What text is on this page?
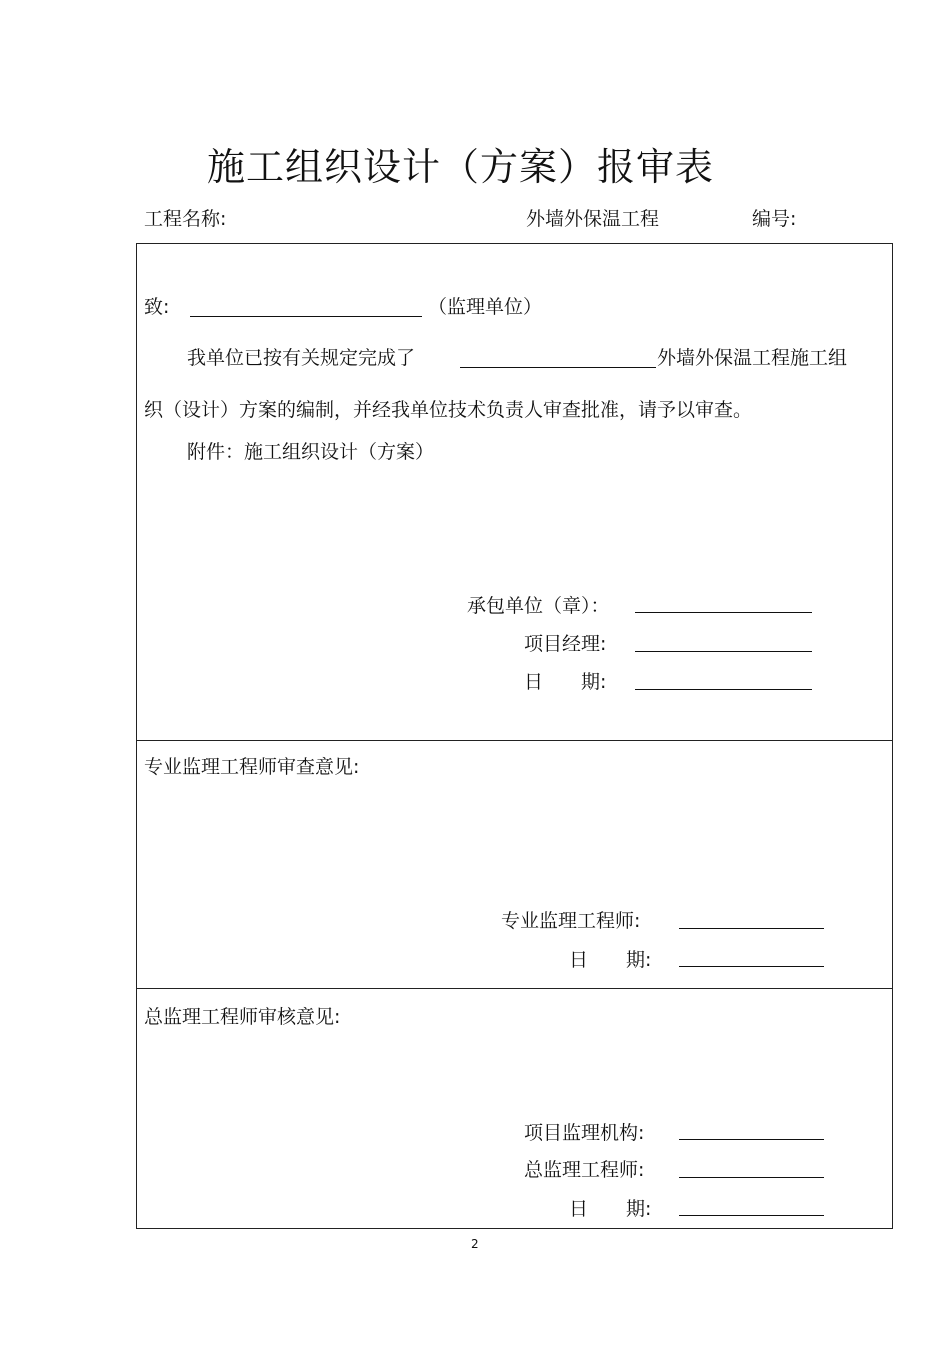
施工组织设计（方案）报审表
工程名称:	外墙外保温工程	编号:
致:	（监理单位）
我单位已按有关规定完成了	外墙外保温工程施工组
织（设计）方案的编制，并经我单位技术负责人审查批准，请予以审查。
附件：施工组织设计（方案）
承包单位（章）：
项目经理:
日　　期:
专业监理工程师审查意见:
专业监理工程师:
日　　期:
总监理工程师审核意见:
项目监理机构:
总监理工程师:
日　　期:
2
